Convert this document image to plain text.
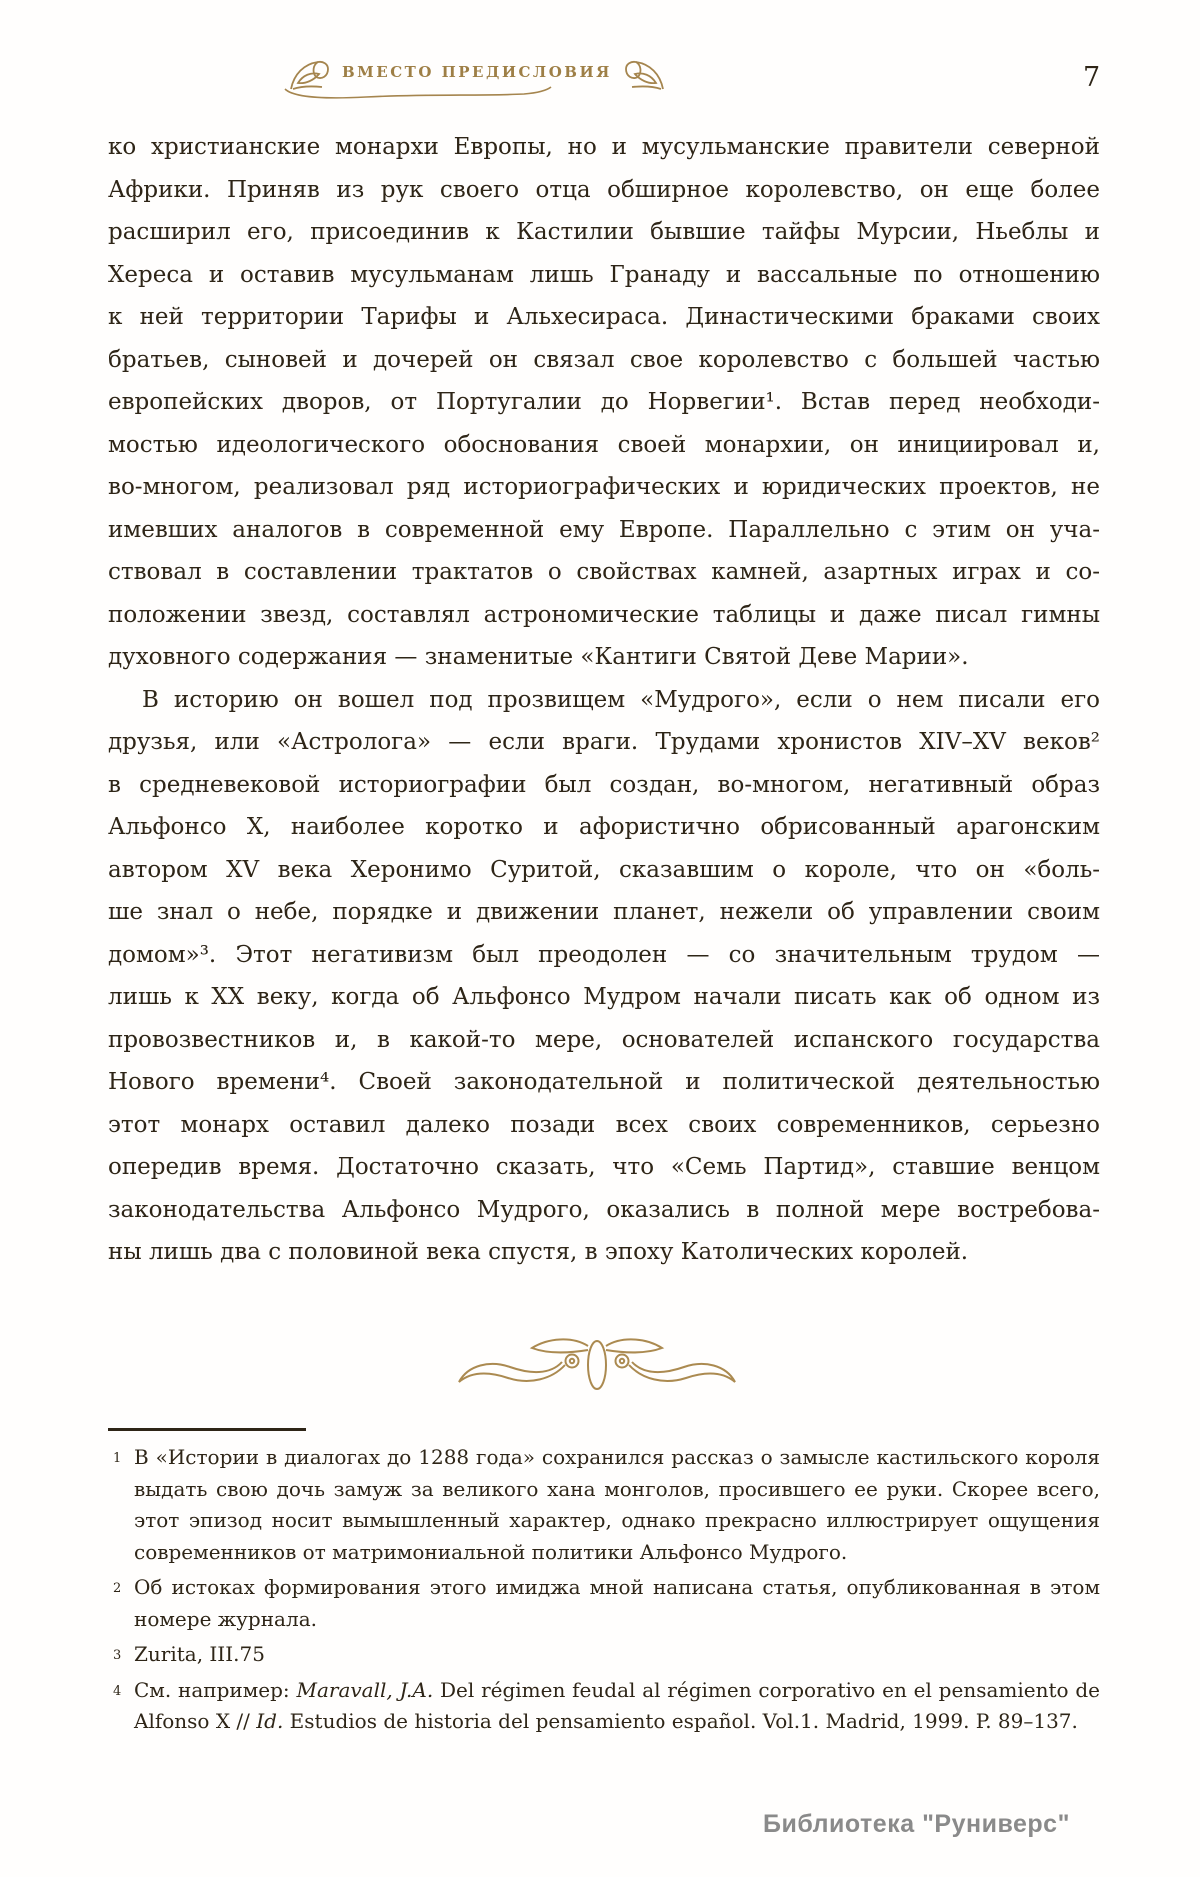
ВМЕСТО ПРЕДИСЛОВИЯ	7
ко христианские монархи Европы, но и мусульманские правители северной
Африки. Приняв из рук своего отца обширное королевство, он еще более
расширил его, присоединив к Кастилии бывшие тайфы Мурсии, Ньеблы и
Хереса и оставив мусульманам лишь Гранаду и вассальные по отношению
к ней территории Тарифы и Альхесираса. Династическими браками своих
братьев, сыновей и дочерей он связал свое королевство с большей частью
европейских дворов, от Португалии до Норвегии¹. Встав перед необходи-
мостью идеологического обоснования своей монархии, он инициировал и,
во-многом, реализовал ряд историографических и юридических проектов, не
имевших аналогов в современной ему Европе. Параллельно с этим он уча-
ствовал в составлении трактатов о свойствах камней, азартных играх и со-
положении звезд, составлял астрономические таблицы и даже писал гимны
духовного содержания — знаменитые «Кантиги Святой Деве Марии».
В историю он вошел под прозвищем «Мудрого», если о нем писали его
друзья, или «Астролога» — если враги. Трудами хронистов XIV–XV веков²
в средневековой историографии был создан, во-многом, негативный образ
Альфонсо X, наиболее коротко и афористично обрисованный арагонским
автором XV века Херонимо Суритой, сказавшим о короле, что он «боль-
ше знал о небе, порядке и движении планет, нежели об управлении своим
домом»³. Этот негативизм был преодолен — со значительным трудом —
лишь к XX веку, когда об Альфонсо Мудром начали писать как об одном из
провозвестников и, в какой-то мере, основателей испанского государства
Нового времени⁴. Своей законодательной и политической деятельностью
этот монарх оставил далеко позади всех своих современников, серьезно
опередив время. Достаточно сказать, что «Семь Партид», ставшие венцом
законодательства Альфонсо Мудрого, оказались в полной мере востребова-
ны лишь два с половиной века спустя, в эпоху Католических королей.
1 В «Истории в диалогах до 1288 года» сохранился рассказ о замысле кастильского короля выдать свою дочь замуж за великого хана монголов, просившего ее руки. Скорее всего, этот эпизод носит вымышленный характер, однако прекрасно иллюстрирует ощущения современников от матримониальной политики Альфонсо Мудрого.
2 Об истоках формирования этого имиджа мной написана статья, опубликованная в этом номере журнала.
3 Zurita, III.75
4 См. например: Maravall, J.A. Del régimen feudal al régimen corporativo en el pensamiento de Alfonso X // Id. Estudios de historia del pensamiento español. Vol.1. Madrid, 1999. P. 89–137.
Библиотека "Руниверс"
